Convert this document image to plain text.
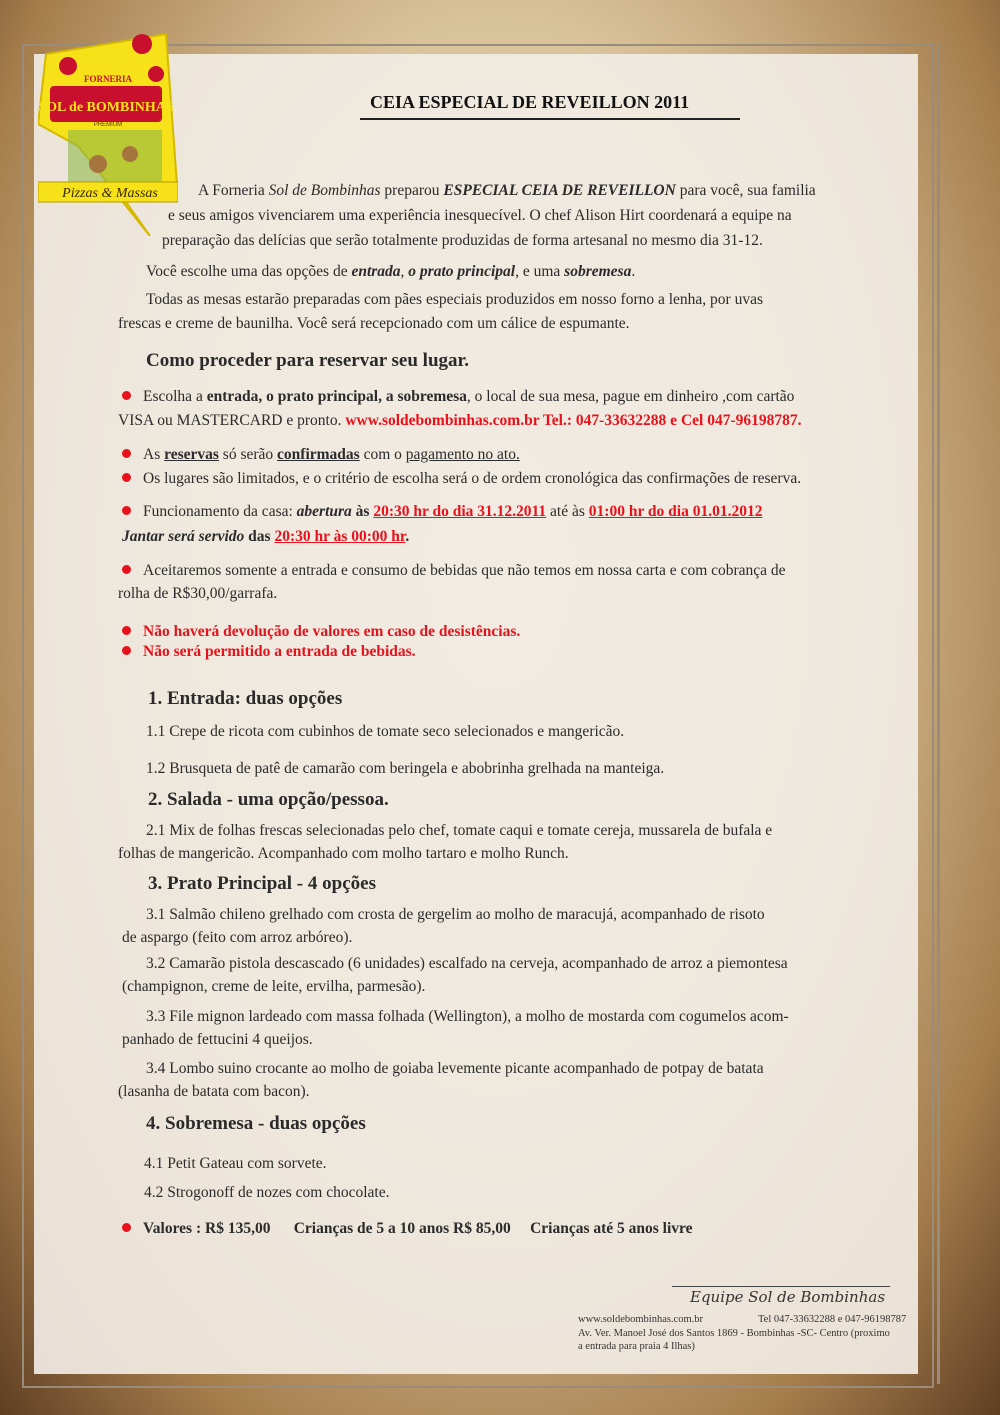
FORNERIA
SOL de BOMBINHAS
PREMIUM
Pizzas & Massas
CEIA ESPECIAL DE REVEILLON 2011

A Forneria Sol de Bombinhas preparou ESPECIAL CEIA DE REVEILLON para você, sua familia

e seus amigos vivenciarem uma experiência inesquecível. O chef Alison Hirt coordenará a equipe na

preparação das delícias que serão totalmente produzidas de forma artesanal no mesmo dia 31-12.

Você escolhe uma das opções de entrada, o prato principal, e uma sobremesa.

Todas as mesas estarão preparadas com pães especiais produzidos em nosso forno a lenha, por uvas

frescas e creme de baunilha. Você será recepcionado com um cálice de espumante.

Como proceder para reservar seu lugar.

Escolha a entrada, o prato principal, a sobremesa, o local de sua mesa, pague em dinheiro ,com cartão

VISA ou MASTERCARD e pronto. www.soldebombinhas.com.br Tel.: 047-33632288 e Cel 047-96198787.

As reservas só serão confirmadas com o pagamento no ato.

Os lugares são limitados, e o critério de escolha será o de ordem cronológica das confirmações de reserva.

Funcionamento da casa: abertura às 20:30 hr do dia 31.12.2011 até às 01:00 hr do dia 01.01.2012

Jantar será servido das 20:30 hr às 00:00 hr.

Aceitaremos somente a entrada e consumo de bebidas que não temos em nossa carta e com cobrança de

rolha de R$30,00/garrafa.

Não haverá devolução de valores em caso de desistências.

Não será permitido a entrada de bebidas.

1. Entrada: duas opções

1.1 Crepe de ricota com cubinhos de tomate seco selecionados e mangericão.

1.2 Brusqueta de patê de camarão com beringela e abobrinha grelhada na manteiga.

2. Salada - uma opção/pessoa.

2.1 Mix de folhas frescas selecionadas pelo chef, tomate caqui e tomate cereja, mussarela de bufala e

folhas de mangericão. Acompanhado com molho tartaro e molho Runch.

3. Prato Principal - 4 opções

3.1 Salmão chileno grelhado com crosta de gergelim ao molho de maracujá, acompanhado de risoto

de aspargo (feito com arroz arbóreo).

3.2 Camarão pistola descascado (6 unidades) escalfado na cerveja, acompanhado de arroz a piemontesa

(champignon, creme de leite, ervilha, parmesão).

3.3 File mignon lardeado com massa folhada (Wellington), a molho de mostarda com cogumelos acom-

panhado de fettucini 4 queijos.

3.4 Lombo suino crocante ao molho de goiaba levemente picante acompanhado de potpay de batata

(lasanha de batata com bacon).

4. Sobremesa - duas opções

4.1 Petit Gateau com sorvete.

4.2 Strogonoff de nozes com chocolate.

Valores : R$ 135,00      Crianças de 5 a 10 anos R$ 85,00     Crianças até 5 anos livre

Equipe Sol de Bombinhas
www.soldebombinhas.com.br	Tel 047-33632288 e 047-96198787
Av. Ver. Manoel José dos Santos 1869 - Bombinhas -SC- Centro (proximo
a entrada para praia 4 Ilhas)
